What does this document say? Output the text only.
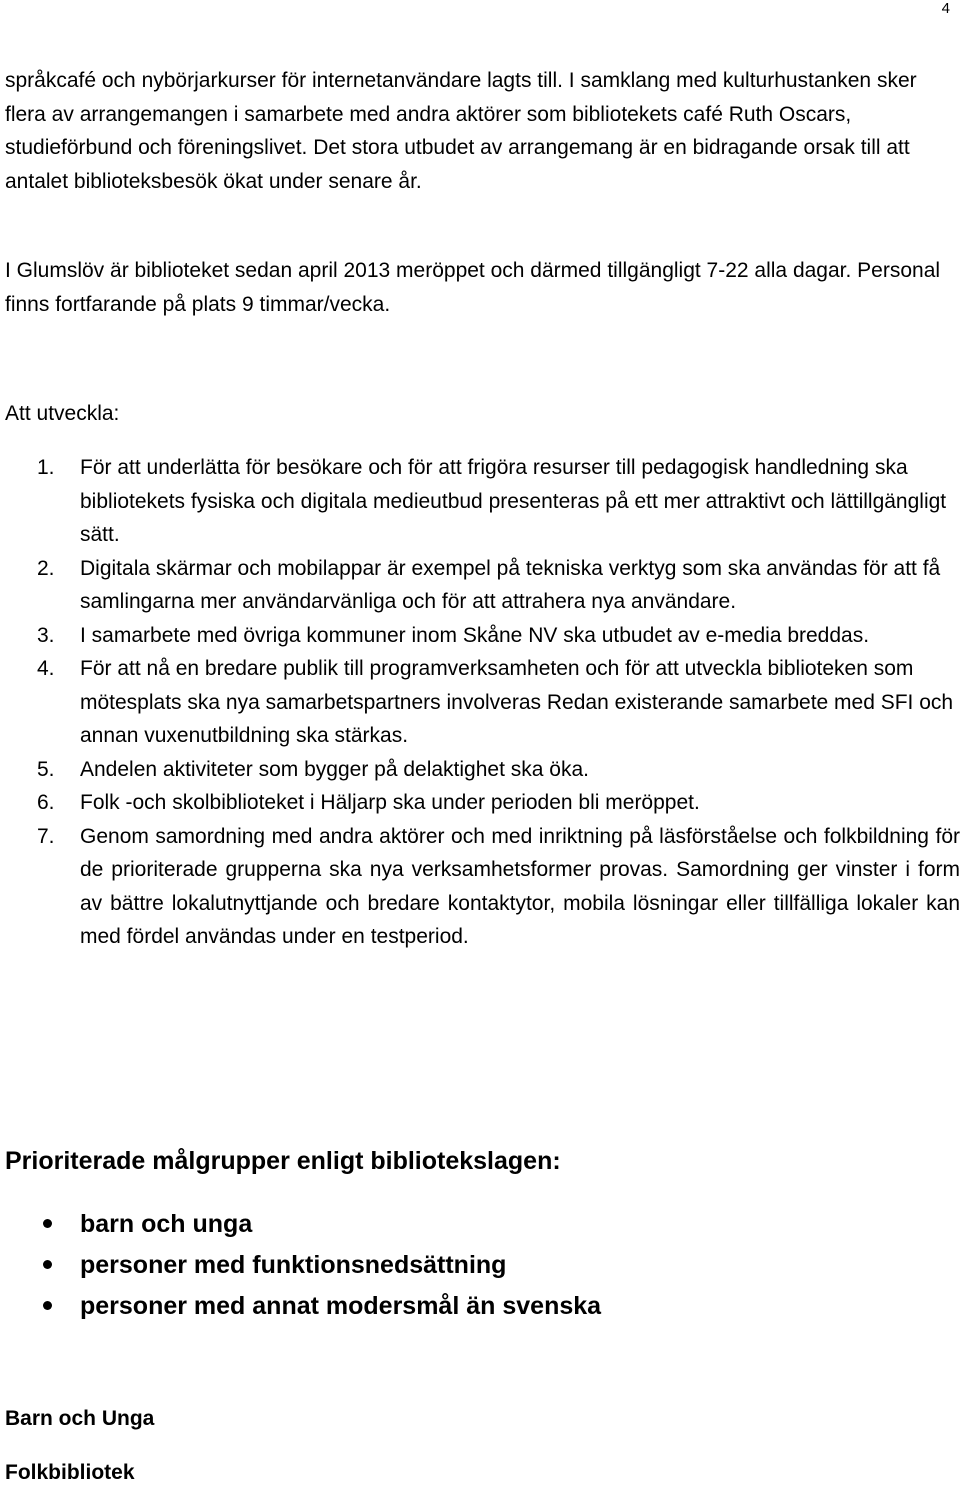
4

språkcafé och nybörjarkurser för internetanvändare lagts till. I samklang med kulturhustanken sker flera av arrangemangen i samarbete med andra aktörer som bibliotekets café Ruth Oscars, studieförbund och föreningslivet. Det stora utbudet av arrangemang är en bidragande orsak till att antalet biblioteksbesök ökat under senare år.

I Glumslöv är biblioteket sedan april 2013 meröppet och därmed tillgängligt 7-22 alla dagar. Personal finns fortfarande på plats 9 timmar/vecka.

Att utveckla:

1. För att underlätta för besökare och för att frigöra resurser till pedagogisk handledning ska bibliotekets fysiska och digitala medieutbud presenteras på ett mer attraktivt och lättillgängligt sätt.
2. Digitala skärmar och mobilappar är exempel på tekniska verktyg som ska användas för att få samlingarna mer användarvänliga och för att attrahera nya användare.
3. I samarbete med övriga kommuner inom Skåne NV ska utbudet av e-media breddas.
4. För att nå en bredare publik till programverksamheten och för att utveckla biblioteken som mötesplats ska nya samarbetspartners involveras Redan existerande samarbete med SFI och annan vuxenutbildning ska stärkas.
5. Andelen aktiviteter som bygger på delaktighet ska öka.
6. Folk -och skolbiblioteket i Häljarp ska under perioden bli meröppet.
7. Genom samordning med andra aktörer och med inriktning på läsförståelse och folkbildning för de prioriterade grupperna ska nya verksamhetsformer provas. Samordning ger vinster i form av bättre lokalutnyttjande och bredare kontaktytor, mobila lösningar eller tillfälliga lokaler kan med fördel användas under en testperiod.
Prioriterade målgrupper enligt bibliotekslagen:
barn och unga
personer med funktionsnedsättning
personer med annat modersmål än svenska
Barn och Unga
Folkbibliotek
